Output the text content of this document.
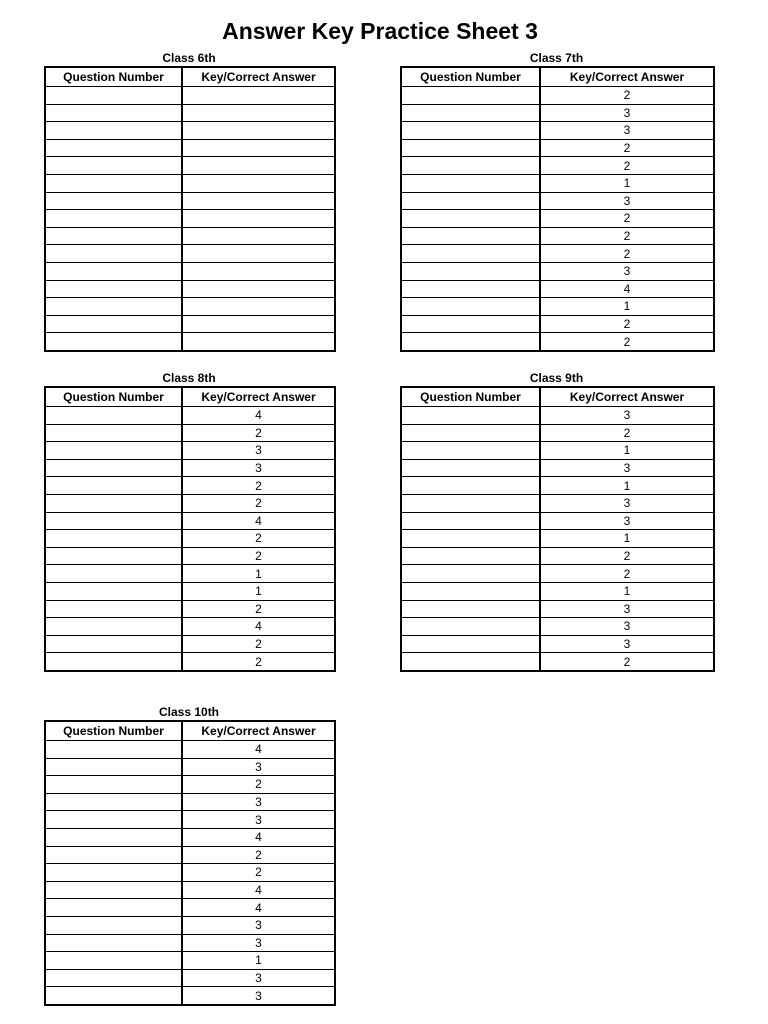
Answer Key Practice Sheet 3
Class 6th
Question Number	Key/Correct Answer

Class 7th
Question Number	Key/Correct Answer
	2
	3
	3
	2
	2
	1
	3
	2
	2
	2
	3
	4
	1
	2
	2
Class 8th
Question Number	Key/Correct Answer
	4
	2
	3
	3
	2
	2
	4
	2
	2
	1
	1
	2
	4
	2
	2
Class 9th
Question Number	Key/Correct Answer
	3
	2
	1
	3
	1
	3
	3
	1
	2
	2
	1
	3
	3
	3
	2
Class 10th
Question Number	Key/Correct Answer
	4
	3
	2
	3
	3
	4
	2
	2
	4
	4
	3
	3
	1
	3
	3
